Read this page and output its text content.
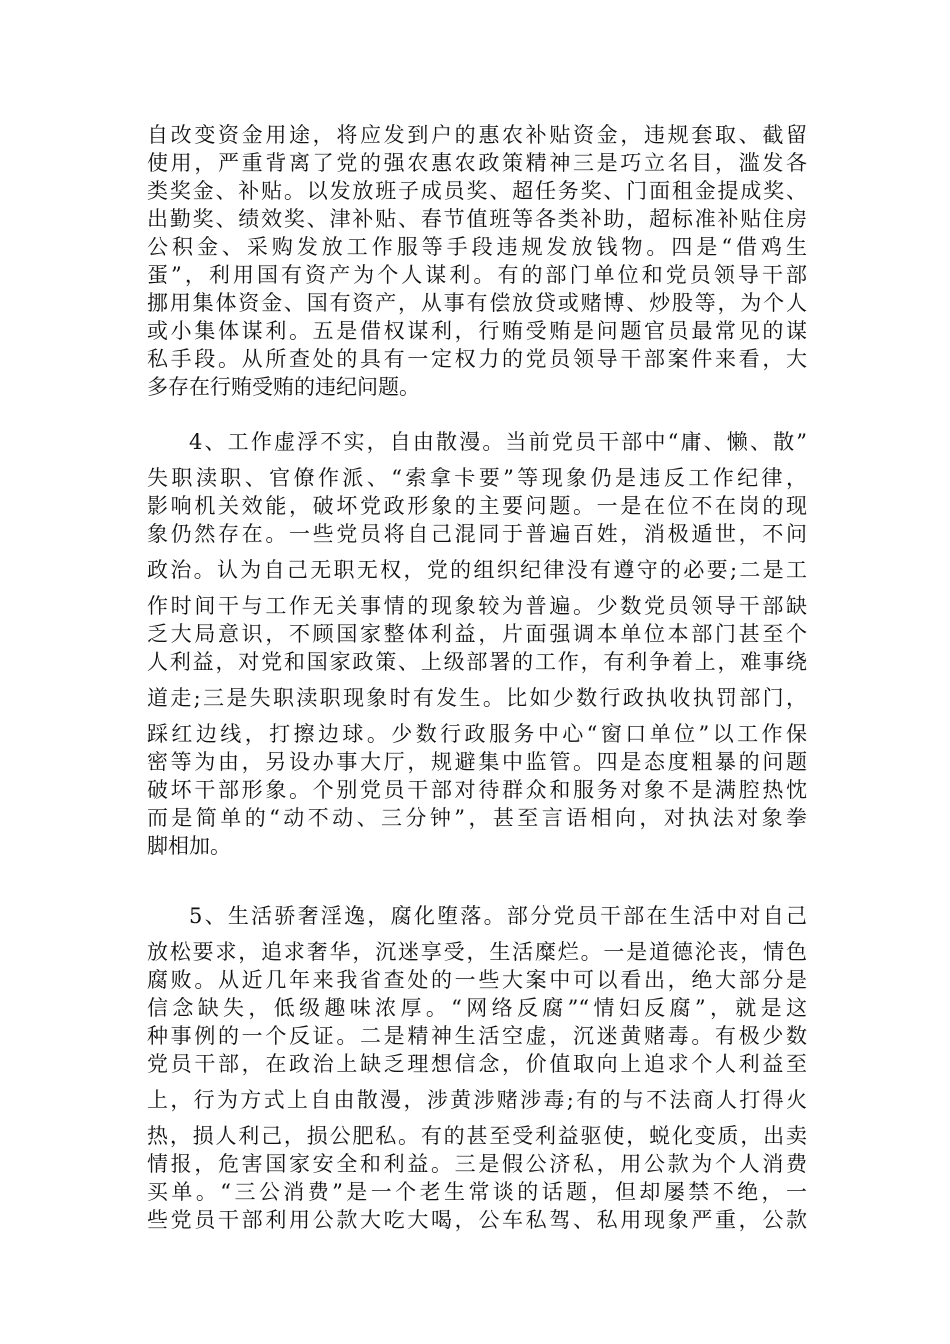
自改变资金用途，将应发到户的惠农补贴资金，违规套取、截留
使用，严重背离了党的强农惠农政策精神三是巧立名目，滥发各
类奖金、补贴。以发放班子成员奖、超任务奖、门面租金提成奖、
出勤奖、绩效奖、津补贴、春节值班等各类补助，超标准补贴住房
公积金、采购发放工作服等手段违规发放钱物。四是“借鸡生
蛋”，利用国有资产为个人谋利。有的部门单位和党员领导干部
挪用集体资金、国有资产，从事有偿放贷或赌博、炒股等，为个人
或小集体谋利。五是借权谋利，行贿受贿是问题官员最常见的谋
私手段。从所查处的具有一定权力的党员领导干部案件来看，大
多存在行贿受贿的违纪问题。
4、工作虚浮不实，自由散漫。当前党员干部中“庸、懒、散”
失职渎职、官僚作派、“索拿卡要”等现象仍是违反工作纪律，
影响机关效能，破坏党政形象的主要问题。一是在位不在岗的现
象仍然存在。一些党员将自己混同于普遍百姓，消极遁世，不问
政治。认为自己无职无权，党的组织纪律没有遵守的必要;二是工
作时间干与工作无关事情的现象较为普遍。少数党员领导干部缺
乏大局意识，不顾国家整体利益，片面强调本单位本部门甚至个
人利益，对党和国家政策、上级部署的工作，有利争着上，难事绕
道走;三是失职渎职现象时有发生。比如少数行政执收执罚部门，
踩红边线，打擦边球。少数行政服务中心“窗口单位”以工作保
密等为由，另设办事大厅，规避集中监管。四是态度粗暴的问题
破坏干部形象。个别党员干部对待群众和服务对象不是满腔热忱
而是简单的“动不动、三分钟”，甚至言语相向，对执法对象拳
脚相加。
5、生活骄奢淫逸，腐化堕落。部分党员干部在生活中对自己
放松要求，追求奢华，沉迷享受，生活糜烂。一是道德沦丧，情色
腐败。从近几年来我省查处的一些大案中可以看出，绝大部分是
信念缺失，低级趣味浓厚。“网络反腐”“情妇反腐”，就是这
种事例的一个反证。二是精神生活空虚，沉迷黄赌毒。有极少数
党员干部，在政治上缺乏理想信念，价值取向上追求个人利益至
上，行为方式上自由散漫，涉黄涉赌涉毒;有的与不法商人打得火
热，损人利己，损公肥私。有的甚至受利益驱使，蜕化变质，出卖
情报，危害国家安全和利益。三是假公济私，用公款为个人消费
买单。“三公消费”是一个老生常谈的话题，但却屡禁不绝，一
些党员干部利用公款大吃大喝，公车私驾、私用现象严重，公款
